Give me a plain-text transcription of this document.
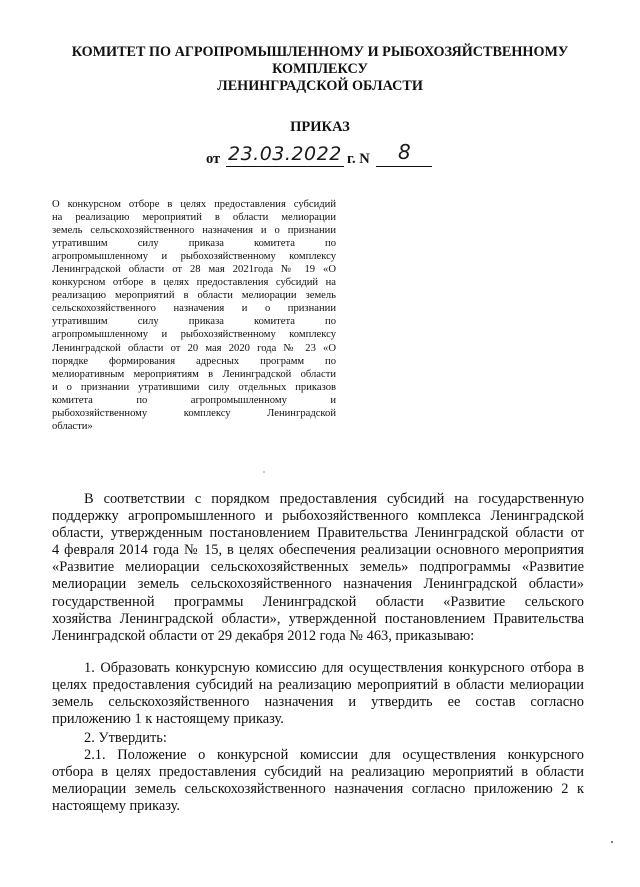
КОМИТЕТ ПО АГРОПРОМЫШЛЕННОМУ И РЫБОХОЗЯЙСТВЕННОМУ
КОМПЛЕКСУ
ЛЕНИНГРАДСКОЙ ОБЛАСТИ
ПРИКАЗ
от 23.03.2022 г. N 8
О конкурсном отборе в целях предоставления субсидий
на реализацию мероприятий в области мелиорации
земель сельскохозяйственного назначения и о признании
утратившим силу приказа комитета по
агропромышленному и рыбохозяйственному комплексу
Ленинградской области от 28 мая 2021года № 19 «О
конкурсном отборе в целях предоставления субсидий на
реализацию мероприятий в области мелиорации земель
сельскохозяйственного назначения и о признании
утратившим силу приказа комитета по
агропромышленному и рыбохозяйственному комплексу
Ленинградской области от 20 мая 2020 года № 23 «О
порядке формирования адресных программ по
мелиоративным мероприятиям в Ленинградской области
и о признании утратившими силу отдельных приказов
комитета по агропромышленному и
рыбохозяйственному комплексу Ленинградской
области»
В соответствии с порядком предоставления субсидий на государственную
поддержку агропромышленного и рыбохозяйственного комплекса Ленинградской
области, утвержденным постановлением Правительства Ленинградской области от
4 февраля 2014 года № 15, в целях обеспечения реализации основного мероприятия
«Развитие мелиорации сельскохозяйственных земель» подпрограммы «Развитие
мелиорации земель сельскохозяйственного назначения Ленинградской области»
государственной программы Ленинградской области «Развитие сельского
хозяйства Ленинградской области», утвержденной постановлением Правительства
Ленинградской области от 29 декабря 2012 года № 463, приказываю:
1. Образовать конкурсную комиссию для осуществления конкурсного отбора в
целях предоставления субсидий на реализацию мероприятий в области мелиорации
земель сельскохозяйственного назначения и утвердить ее состав согласно
приложению 1 к настоящему приказу.
2. Утвердить:
2.1. Положение о конкурсной комиссии для осуществления конкурсного
отбора в целях предоставления субсидий на реализацию мероприятий в области
мелиорации земель сельскохозяйственного назначения согласно приложению 2 к
настоящему приказу.
